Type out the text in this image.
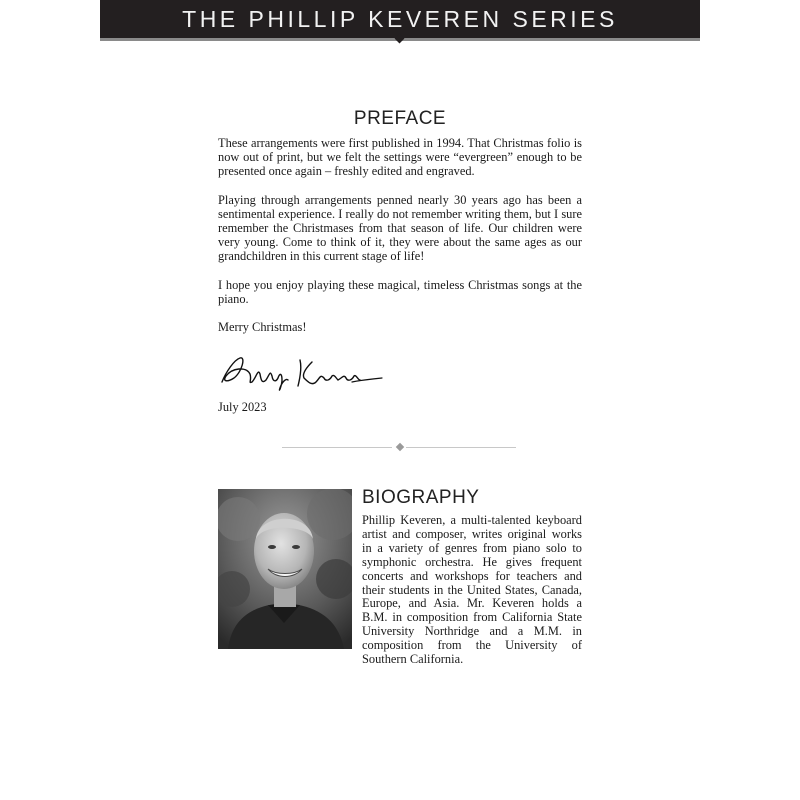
THE PHILLIP KEVEREN SERIES
PREFACE

These arrangements were first published in 1994. That Christmas folio is now out of print, but we felt the settings were “evergreen” enough to be presented once again – freshly edited and engraved.

Playing through arrangements penned nearly 30 years ago has been a sentimental experience. I really do not remember writing them, but I sure remember the Christmases from that season of life. Our children were very young. Come to think of it, they were about the same ages as our grandchildren in this current stage of life!

I hope you enjoy playing these magical, timeless Christmas songs at the piano.

Merry Christmas!

July 2023
BIOGRAPHY
Phillip Keveren, a multi-talented keyboard artist and composer, writes original works in a variety of genres from piano solo to symphonic orchestra. He gives frequent concerts and workshops for teachers and their students in the United States, Canada, Europe, and Asia. Mr. Keveren holds a B.M. in composition from California State University Northridge and a M.M. in composition from the University of Southern California.
